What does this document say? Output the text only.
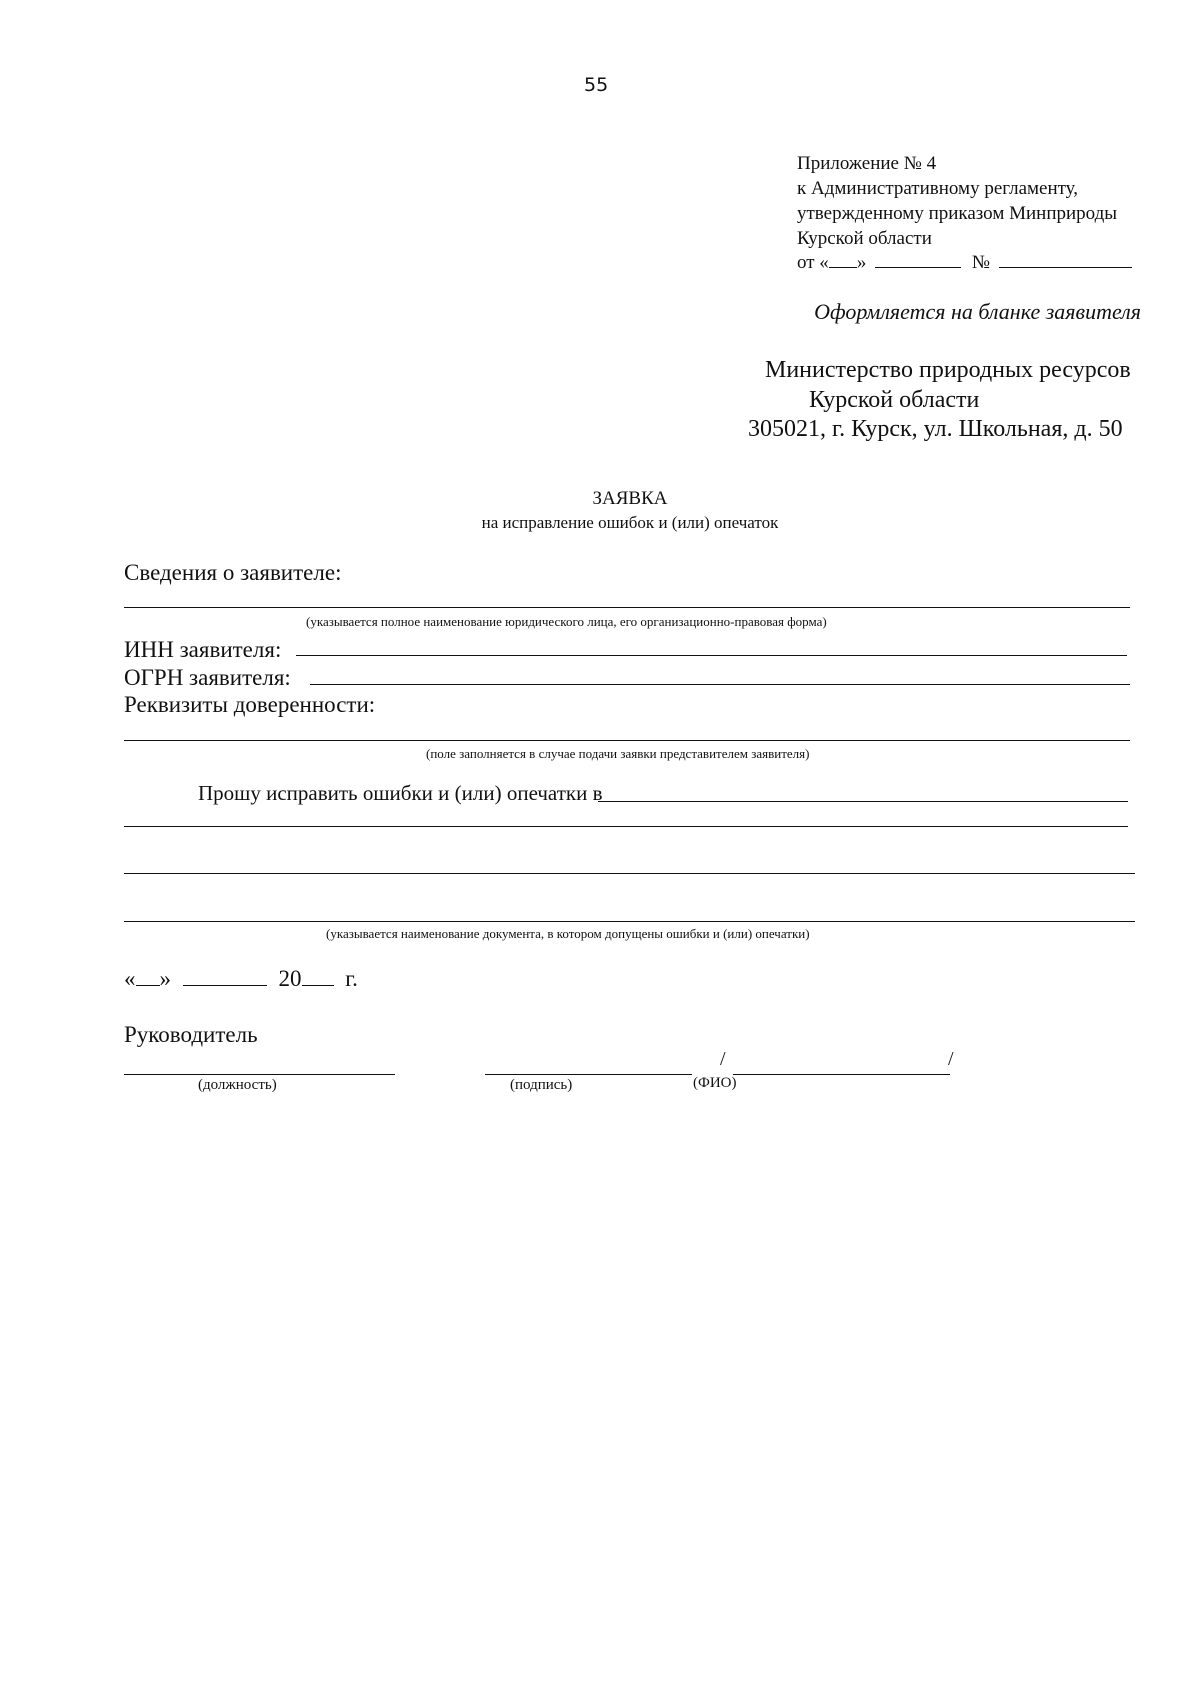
55
Приложение № 4
к Административному регламенту,
утвержденному приказом Минприроды
Курской области
от « »	№
Оформляется на бланке заявителя
Министерство природных ресурсов
Курской области
305021, г. Курск, ул. Школьная, д. 50
ЗАЯВКА
на исправление ошибок и (или) опечаток
Сведения о заявителе:
(указывается полное наименование юридического лица, его организационно-правовая форма)
ИНН заявителя:
ОГРН заявителя:
Реквизиты доверенности:
(поле заполняется в случае подачи заявки представителем заявителя)
Прошу исправить ошибки и (или) опечатки в
(указывается наименование документа, в котором допущены ошибки и (или) опечатки)
« »	20 г.
Руководитель
/	/
(должность)	(подпись)	(ФИО)
